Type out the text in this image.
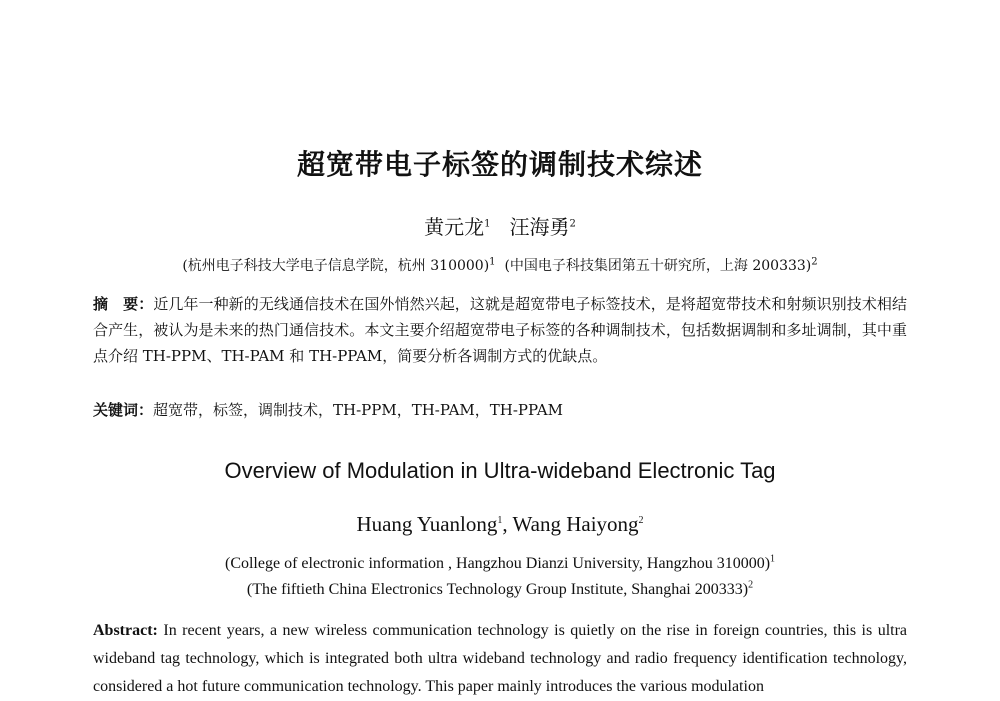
超宽带电子标签的调制技术综述
黄元龙$^1$ 汪海勇$^2$
(杭州电子科技大学电子信息学院，杭州 310000)$^1$ (中国电子科技集团第五十研究所，上海 200333)$^2$
摘　要：近几年一种新的无线通信技术在国外悄然兴起，这就是超宽带电子标签技术，是将超宽带技术和射频识别技术相结合产生，被认为是未来的热门通信技术。本文主要介绍超宽带电子标签的各种调制技术，包括数据调制和多址调制，其中重点介绍 TH-PPM、TH-PAM 和 TH-PPAM，简要分析各调制方式的优缺点。
关键词：超宽带，标签，调制技术，TH-PPM，TH-PAM，TH-PPAM
Overview of Modulation in Ultra-wideband Electronic Tag
Huang Yuanlong$^1$, Wang Haiyong$^2$
(College of electronic information , Hangzhou Dianzi University, Hangzhou 310000)$^1$
(The fiftieth China Electronics Technology Group Institute, Shanghai 200333)$^2$
Abstract: In recent years, a new wireless communication technology is quietly on the rise in foreign countries, this is ultra wideband tag technology, which is integrated both ultra wideband technology and radio frequency identification technology, considered a hot future communication technology. This paper mainly introduces the various modulation
